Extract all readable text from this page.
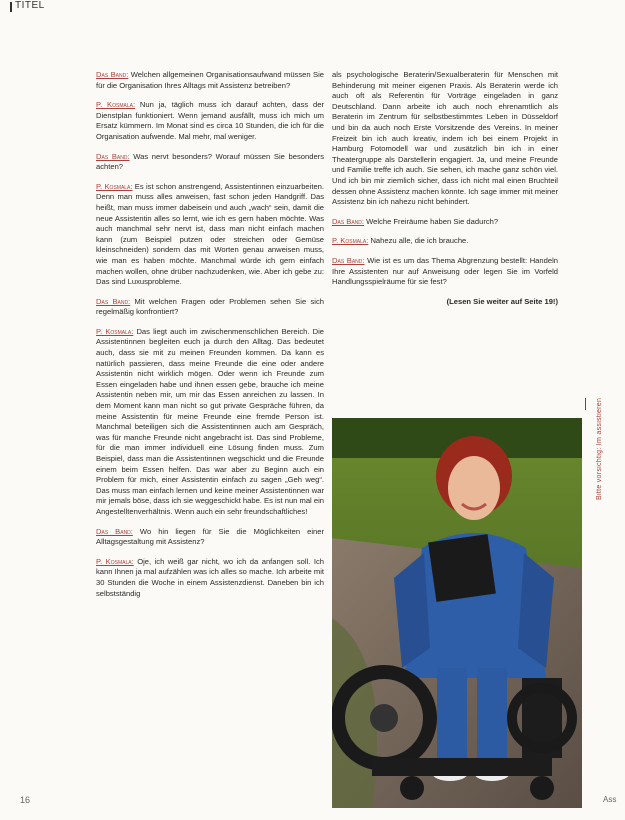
TITEL

Das Band: Welchen allgemeinen Organisationsaufwand müssen Sie für die Organisation Ihres Alltags mit Assistenz betreiben?

P. Kosmala: Nun ja, täglich muss ich darauf achten, dass der Dienstplan funktioniert. Wenn jemand ausfällt, muss ich mich um Ersatz kümmern. Im Monat sind es circa 10 Stunden, die ich für die Organisation aufwende. Mal mehr, mal weniger.

Das Band: Was nervt besonders? Worauf müssen Sie besonders achten?

P. Kosmala: Es ist schon anstrengend, Assistentinnen einzuarbeiten. Denn man muss alles anweisen, fast schon jeden Handgriff. Das heißt, man muss immer dabeisein und auch „wach“ sein, damit die neue Assistentin alles so lernt, wie ich es gern haben möchte. Was auch manchmal sehr nervt ist, dass man nicht einfach machen kann (zum Beispiel putzen oder streichen oder Gemüse kleinschneiden) sondern das mit Worten genau anweisen muss, wie man es haben möchte. Manchmal würde ich gern einfach machen wollen, ohne drüber nachzudenken, wie. Aber ich gebe zu: Das sind Luxusprobleme.

Das Band: Mit welchen Fragen oder Problemen sehen Sie sich regelmäßig konfrontiert?

P. Kosmala: Das liegt auch im zwischenmenschlichen Bereich. Die Assistentinnen begleiten euch ja durch den Alltag. Das bedeutet auch, dass sie mit zu meinen Freunden kommen. Da kann es natürlich passieren, dass meine Freunde die eine oder andere Assistentin nicht wirklich mögen. Oder wenn ich Freunde zum Essen eingeladen habe und ihnen essen gebe, brauche ich meine Assistentin neben mir, um mir das Essen anreichen zu lassen. In dem Moment kann man nicht so gut private Gespräche führen, da meine Assistentin für meine Freunde eine fremde Person ist. Manchmal beteiligen sich die Assistentinnen auch am Gespräch, was für manche Freunde nicht angebracht ist. Das sind Probleme, für die man immer individuell eine Lösung finden muss. Zum Beispiel, dass man die Assistentinnen wegschickt und die Freunde einem beim Essen helfen. Das war aber zu Beginn auch ein Problem für mich, einer Assistentin einfach zu sagen „Geh weg“. Das muss man einfach lernen und keine meiner Assistentinnen war mir jemals böse, dass ich sie weggeschickt habe. Es ist nun mal ein Angestelltenverhältnis. Wenn auch ein sehr freundschaftliches!

Das Band: Wo hin liegen für Sie die Möglichkeiten einer Alltagsgestaltung mit Assistenz?

P. Kosmala: Oje, ich weiß gar nicht, wo ich da anfangen soll. Ich kann Ihnen ja mal aufzählen was ich alles so mache. Ich arbeite mit 30 Stunden die Woche in einem Assistenzdienst. Daneben bin ich selbstständig

als psychologische Beraterin/Sexualberaterin für Menschen mit Behinderung mit meiner eigenen Praxis. Als Beraterin werde ich auch oft als Referentin für Vorträge eingeladen in ganz Deutschland. Dann arbeite ich auch noch ehrenamtlich als Beraterin im Zentrum für selbstbestimmtes Leben in Düsseldorf und bin da auch noch Erste Vorsitzende des Vereins. In meiner Freizeit bin ich auch kreativ, indem ich bei einem Projekt in Hamburg Fotomodell war und zusätzlich bin ich in einer Theatergruppe als Darstellerin engagiert. Ja, und meine Freunde und Familie treffe ich auch. Sie sehen, ich mache ganz schön viel. Und ich bin mir ziemlich sicher, dass ich nicht mal einen Bruchteil dessen ohne Assistenz machen könnte. Ich sage immer mit meiner Assistenz bin ich nahezu nicht behindert.

Das Band: Welche Freiräume haben Sie dadurch?

P. Kosmala: Nahezu alle, die ich brauche.

Das Band: Wie ist es um das Thema Abgrenzung bestellt: Handeln Ihre Assistenten nur auf Anweisung oder legen Sie im Vorfeld Handlungsspielräume für sie fest?

(Lesen Sie weiter auf Seite 19!)
Bitte vorsichtig: Im assistieren
16	Ass
